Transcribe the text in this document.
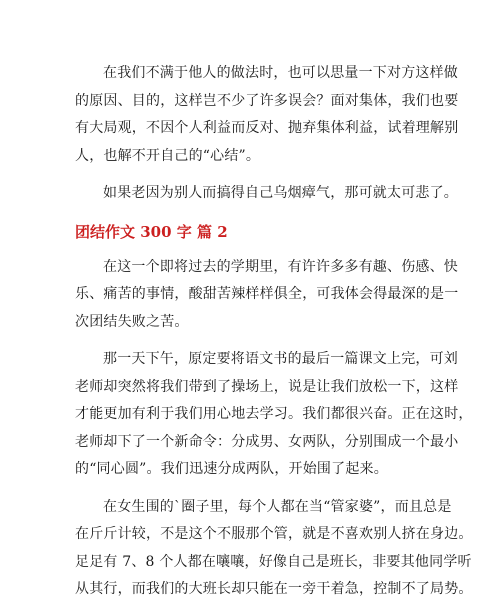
在我们不满于他人的做法时，也可以思量一下对方这样做
的原因、目的，这样岂不少了许多误会？面对集体，我们也要
有大局观，不因个人利益而反对、抛弃集体利益，试着理解别
人，也解不开自己的“心结”。

如果老因为别人而搞得自己乌烟瘴气，那可就太可悲了。

团结作文 300 字 篇 2

在这一个即将过去的学期里，有许许多多有趣、伤感、快
乐、痛苦的事情，酸甜苦辣样样俱全，可我体会得最深的是一
次团结失败之苦。

那一天下午，原定要将语文书的最后一篇课文上完，可刘
老师却突然将我们带到了操场上，说是让我们放松一下，这样
才能更加有利于我们用心地去学习。我们都很兴奋。正在这时，
老师却下了一个新命令：分成男、女两队，分别围成一个最小
的“同心圆”。我们迅速分成两队，开始围了起来。

在女生围的`圈子里，每个人都在当“管家婆”，而且总是
在斤斤计较，不是这个不服那个管，就是不喜欢别人挤在身边。
足足有 7、8 个人都在嚷嚷，好像自己是班长，非要其他同学听
从其行，而我们的大班长却只能在一旁干着急，控制不了局势。
